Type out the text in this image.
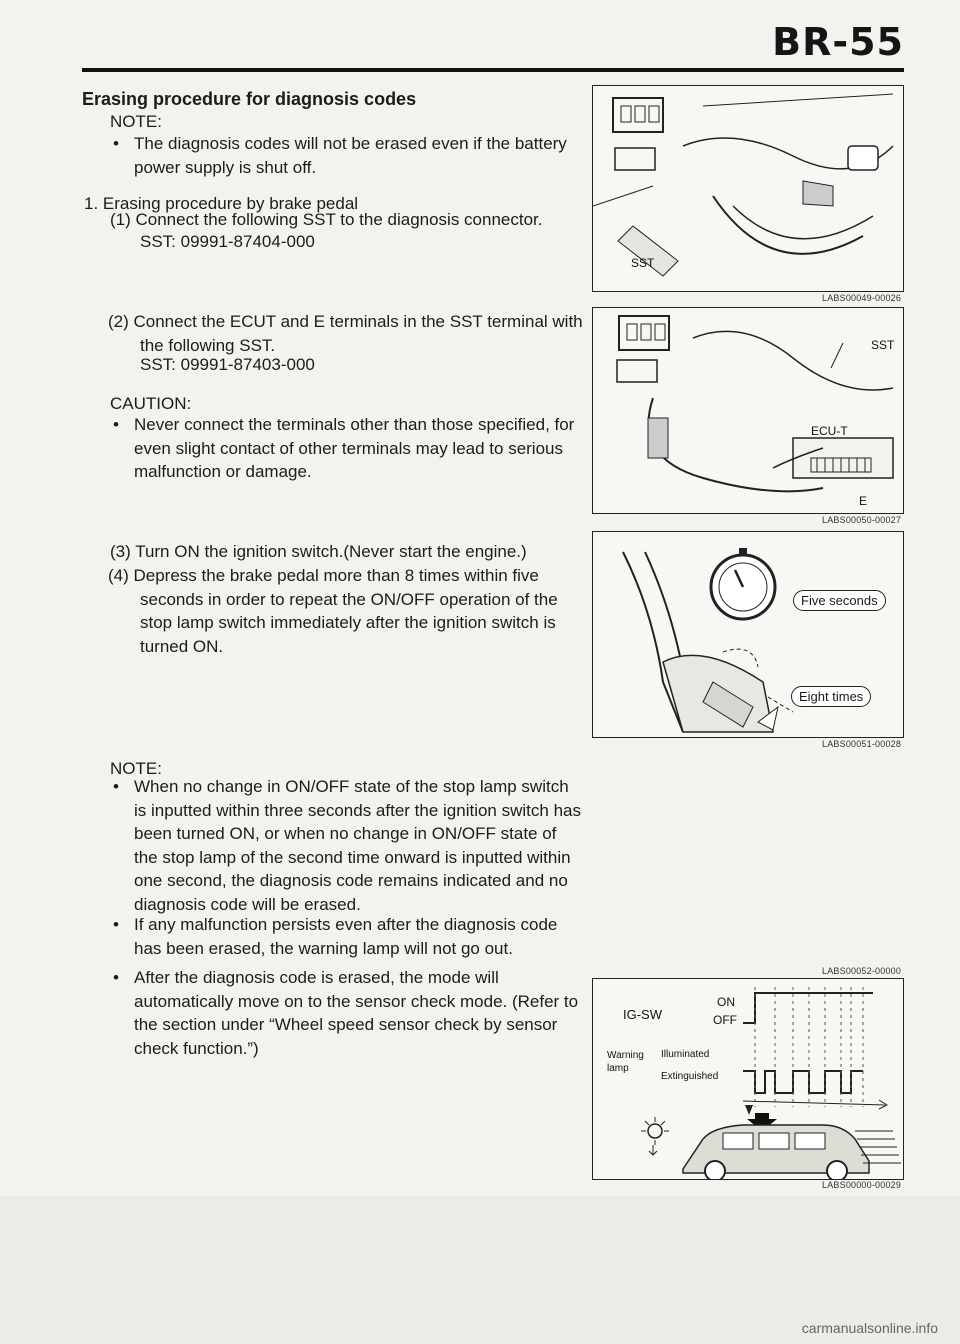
BR-55
Erasing procedure for diagnosis codes
NOTE:
• The diagnosis codes will not be erased even if the battery power supply is shut off.
1. Erasing procedure by brake pedal
(1) Connect the following SST to the diagnosis connector.
SST: 09991-87404-000
(2) Connect the ECUT and E terminals in the SST terminal with the following SST.
SST: 09991-87403-000
CAUTION:
• Never connect the terminals other than those specified, for even slight contact of other terminals may lead to serious malfunction or damage.
(3) Turn ON the ignition switch.(Never start the engine.)
(4) Depress the brake pedal more than 8 times within five seconds in order to repeat the ON/OFF operation of the stop lamp switch immediately after the ignition switch is turned ON.
NOTE:
• When no change in ON/OFF state of the stop lamp switch is inputted within three seconds after the ignition switch has been turned ON, or when no change in ON/OFF state of the stop lamp of the second time onward is inputted within one second, the diagnosis code remains indicated and no diagnosis code will be erased.
• If any malfunction persists even after the diagnosis code has been erased, the warning lamp will not go out.
• After the diagnosis code is erased, the mode will automatically move on to the sensor check mode. (Refer to the section under “Wheel speed sensor check by sensor check function.”)
SST
LABS00049-00026
SST
ECU-T
E
LABS00050-00027
Five seconds
Eight times
LABS00051-00028
LABS00052-00000
IG-SW
ON
OFF
Warning lamp
Illuminated
Extinguished
LABS00000-00029
carmanualsonline.info
